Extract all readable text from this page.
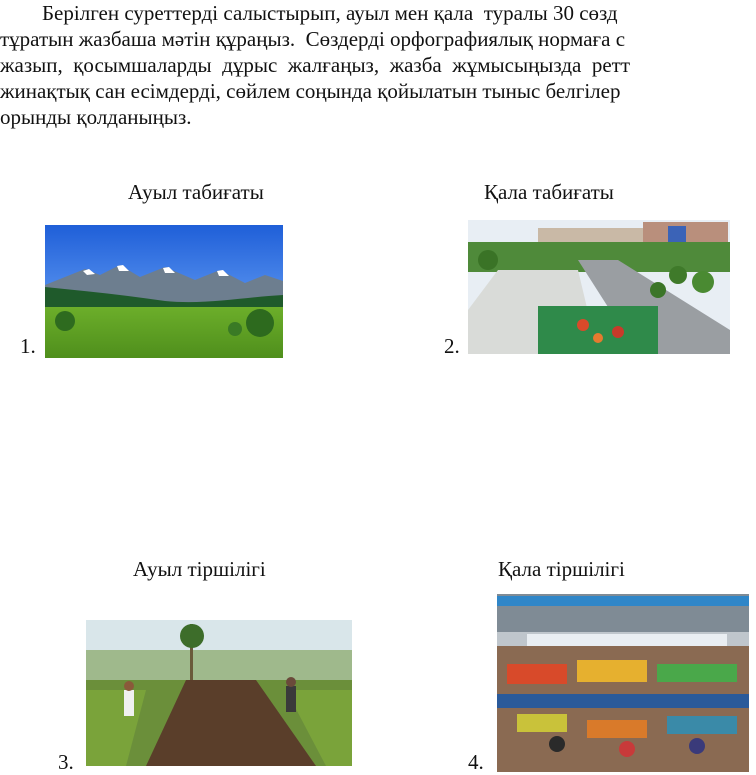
Берілген суреттерді салыстырып, ауыл мен қала  туралы 30 сөзд
тұратын жазбаша мәтін құраңыз.  Сөздерді орфографиялық нормаға с
жазып,  қосымшаларды  дұрыс  жалғаңыз,  жазба  жұмысыңызда  ретт
жинақтық сан есімдерді, сөйлем соңында қойылатын тыныс белгілер
орынды қолданыңыз.
Ауыл табиғаты
1.
Қала табиғаты
2.
Ауыл тіршілігі
3.
Қала тіршілігі
4.
